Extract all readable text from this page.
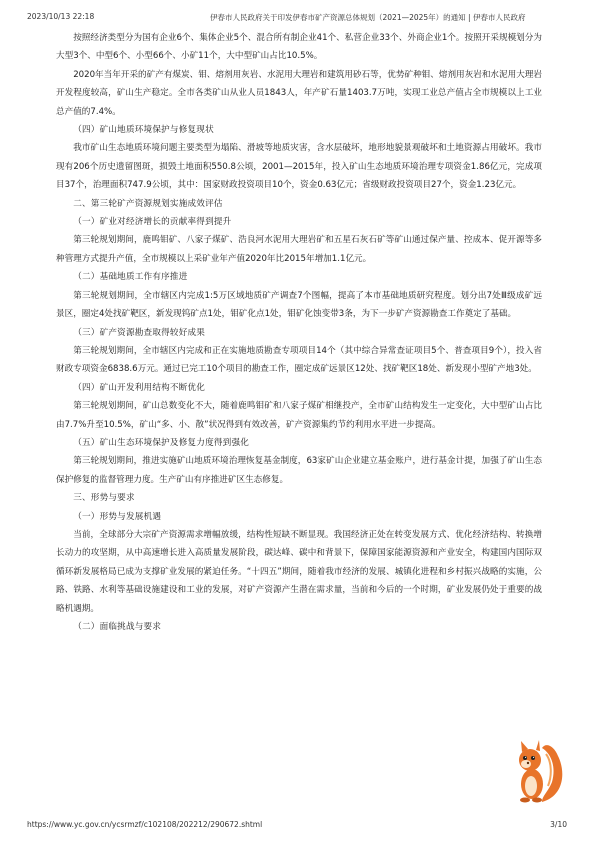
2023/10/13 22:18	伊春市人民政府关于印发伊春市矿产资源总体规划（2021—2025年）的通知 | 伊春市人民政府

按照经济类型分为国有企业6个、集体企业5个、混合所有制企业41个、私营企业33个、外商企业1个。按照开采规模划分为大型3个、中型6个、小型66个、小矿11个，大中型矿山占比10.5%。

2020年当年开采的矿产有煤炭、钼、熔剂用灰岩、水泥用大理岩和建筑用砂石等，优势矿种钼、熔剂用灰岩和水泥用大理岩开发程度较高，矿山生产稳定。全市各类矿山从业人员1843人，年产矿石量1403.7万吨，实现工业总产值占全市规模以上工业总产值的7.4%。

（四）矿山地质环境保护与修复现状

我市矿山生态地质环境问题主要类型为塌陷、滑坡等地质灾害，含水层破坏，地形地貌景观破坏和土地资源占用破坏。我市现有206个历史遗留图斑，损毁土地面积550.8公顷，2001—2015年，投入矿山生态地质环境治理专项资金1.86亿元，完成项目37个，治理面积747.9公顷，其中：国家财政投资项目10个，资金0.63亿元；省级财政投资项目27个，资金1.23亿元。

二、第三轮矿产资源规划实施成效评估

（一）矿业对经济增长的贡献率得到提升

第三轮规划期间，鹿鸣钼矿、八家子煤矿、浩良河水泥用大理岩矿和五星石灰石矿等矿山通过保产量、控成本、促开源等多种管理方式提升产值，全市规模以上采矿业年产值2020年比2015年增加1.1亿元。

（二）基础地质工作有序推进

第三轮规划期间，全市辖区内完成1:5万区域地质矿产调查7个图幅，提高了本市基础地质研究程度。划分出7处Ⅲ级成矿远景区，圈定4处找矿靶区，新发现钨矿点1处，钼矿化点1处，钼矿化蚀变带3条，为下一步矿产资源勘查工作奠定了基础。

（三）矿产资源勘查取得较好成果

第三轮规划期间，全市辖区内完成和正在实施地质勘查专项项目14个（其中综合异常查证项目5个、普查项目9个），投入省财政专项资金6838.6万元。通过已完工10个项目的勘查工作，圈定成矿远景区12处、找矿靶区18处、新发现小型矿产地3处。

（四）矿山开发利用结构不断优化

第三轮规划期间，矿山总数变化不大，随着鹿鸣钼矿和八家子煤矿相继投产，全市矿山结构发生一定变化，大中型矿山占比由7.7%升至10.5%，矿山“多、小、散”状况得到有效改善，矿产资源集约节约利用水平进一步提高。

（五）矿山生态环境保护及修复力度得到强化

第三轮规划期间，推进实施矿山地质环境治理恢复基金制度，63家矿山企业建立基金账户，进行基金计提，加强了矿山生态保护修复的监督管理力度。生产矿山有序推进矿区生态修复。

三、形势与要求

（一）形势与发展机遇

当前，全球部分大宗矿产资源需求增幅放缓，结构性短缺不断显现。我国经济正处在转变发展方式、优化经济结构、转换增长动力的攻坚期，从中高速增长进入高质量发展阶段，碳达峰、碳中和背景下，保障国家能源资源和产业安全，构建国内国际双循环新发展格局已成为支撑矿业发展的紧迫任务。“十四五”期间，随着我市经济的发展、城镇化进程和乡村振兴战略的实施，公路、铁路、水利等基础设施建设和工业的发展，对矿产资源产生潜在需求量，当前和今后的一个时期，矿业发展仍处于重要的战略机遇期。

（二）面临挑战与要求

https://www.yc.gov.cn/ycsrmzf/c102108/202212/290672.shtml	3/10
